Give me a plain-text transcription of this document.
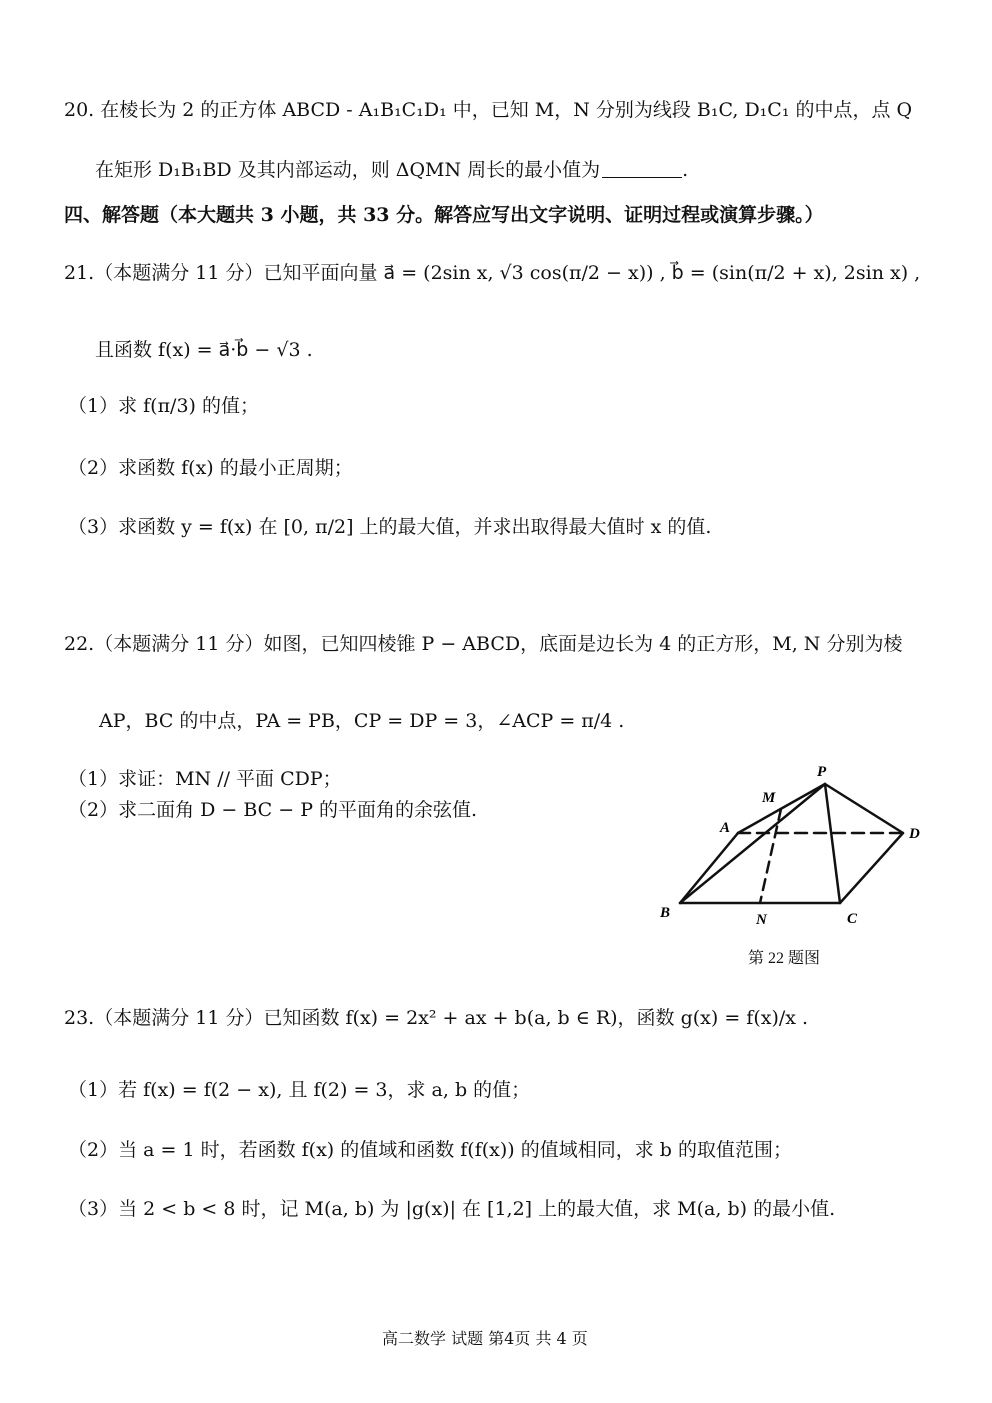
20. 在棱长为 2 的正方体 ABCD - A₁B₁C₁D₁ 中，已知 M，N 分别为线段 B₁C, D₁C₁ 的中点，点 Q
在矩形 D₁B₁BD 及其内部运动，则 ΔQMN 周长的最小值为	.
四、解答题（本大题共 3 小题，共 33 分。解答应写出文字说明、证明过程或演算步骤。）
21.（本题满分 11 分）已知平面向量 a⃗ = (2sin x, √3 cos(π/2 − x)) , b⃗ = (sin(π/2 + x), 2sin x) ,
且函数 f(x) = a⃗·b⃗ − √3 .
（1）求 f(π/3) 的值；
（2）求函数 f(x) 的最小正周期；
（3）求函数 y = f(x) 在 [0, π/2] 上的最大值，并求出取得最大值时 x 的值.
22.（本题满分 11 分）如图，已知四棱锥 P − ABCD，底面是边长为 4 的正方形，M, N 分别为棱
AP，BC 的中点，PA = PB，CP = DP = 3，∠ACP = π/4 .
（1）求证：MN // 平面 CDP；
（2）求二面角 D − BC − P 的平面角的余弦值.
P
M
A	D
B	N	C
第 22 题图
23.（本题满分 11 分）已知函数 f(x) = 2x² + ax + b(a, b ∈ R)，函数 g(x) = f(x)/x .
（1）若 f(x) = f(2 − x), 且 f(2) = 3，求 a, b 的值；
（2）当 a = 1 时，若函数 f(x) 的值域和函数 f(f(x)) 的值域相同，求 b 的取值范围；
（3）当 2 < b < 8 时，记 M(a, b) 为 |g(x)| 在 [1,2] 上的最大值，求 M(a, b) 的最小值.
高二数学 试题 第4页 共 4 页
